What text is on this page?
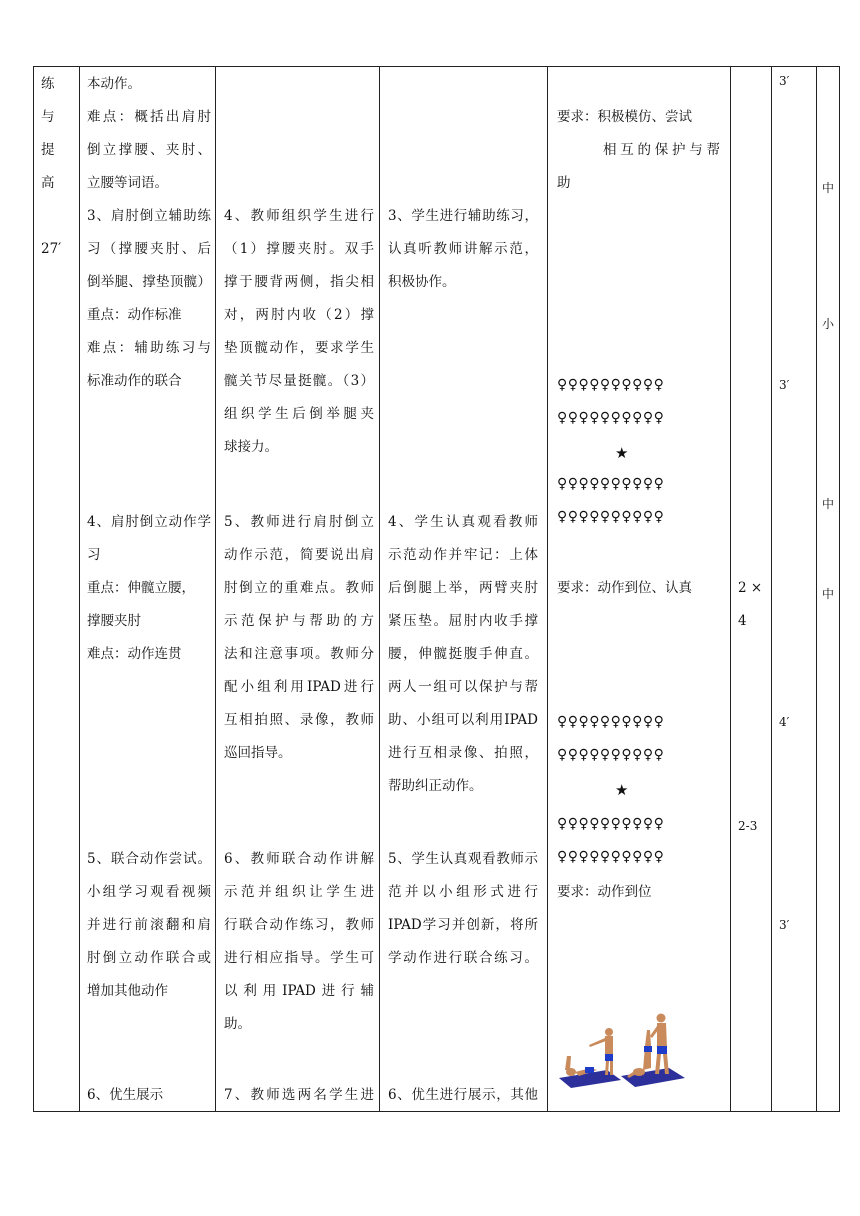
练
与
提
高
27′
本动作。
难点：概括出肩肘
倒立撑腰、夹肘、
立腰等词语。
3、肩肘倒立辅助练
习（撑腰夹肘、后
倒举腿、撑垫顶髋）
重点：动作标准
难点：辅助练习与
标准动作的联合
4、肩肘倒立动作学
习
重点：伸髋立腰，
撑腰夹肘
难点：动作连贯
5、联合动作尝试。
小组学习观看视频
并进行前滚翻和肩
肘倒立动作联合或
增加其他动作
6、优生展示
4、教师组织学生进行
（1）撑腰夹肘。双手
撑于腰背两侧，指尖相
对，两肘内收（2）撑
垫顶髋动作，要求学生
髋关节尽量挺髋。（3）
组织学生后倒举腿夹
球接力。
5、教师进行肩肘倒立
动作示范，简要说出肩
肘倒立的重难点。教师
示范保护与帮助的方
法和注意事项。教师分
配小组利用IPAD进行
互相拍照、录像，教师
巡回指导。
6、教师联合动作讲解
示范并组织让学生进
行联合动作练习，教师
进行相应指导。学生可
以利用IPAD进行辅
助。
7、教师选两名学生进
3、学生进行辅助练习，
认真听教师讲解示范，
积极协作。
4、学生认真观看教师
示范动作并牢记：上体
后倒腿上举，两臂夹肘
紧压垫。屈肘内收手撑
腰，伸髋挺腹手伸直。
两人一组可以保护与帮
助、小组可以利用IPAD
进行互相录像、拍照，
帮助纠正动作。
5、学生认真观看教师示
范并以小组形式进行
IPAD学习并创新，将所
学动作进行联合练习。
6、优生进行展示，其他
要求：积极模仿、尝试
相互的保护与帮
助
♀♀♀♀♀♀♀♀♀♀
♀♀♀♀♀♀♀♀♀♀
★
♀♀♀♀♀♀♀♀♀♀
♀♀♀♀♀♀♀♀♀♀
要求：动作到位、认真
♀♀♀♀♀♀♀♀♀♀
♀♀♀♀♀♀♀♀♀♀
★
♀♀♀♀♀♀♀♀♀♀
♀♀♀♀♀♀♀♀♀♀
要求：动作到位
2 ×
4
2-3
3′
3′
4′
3′
中
小
中
中
